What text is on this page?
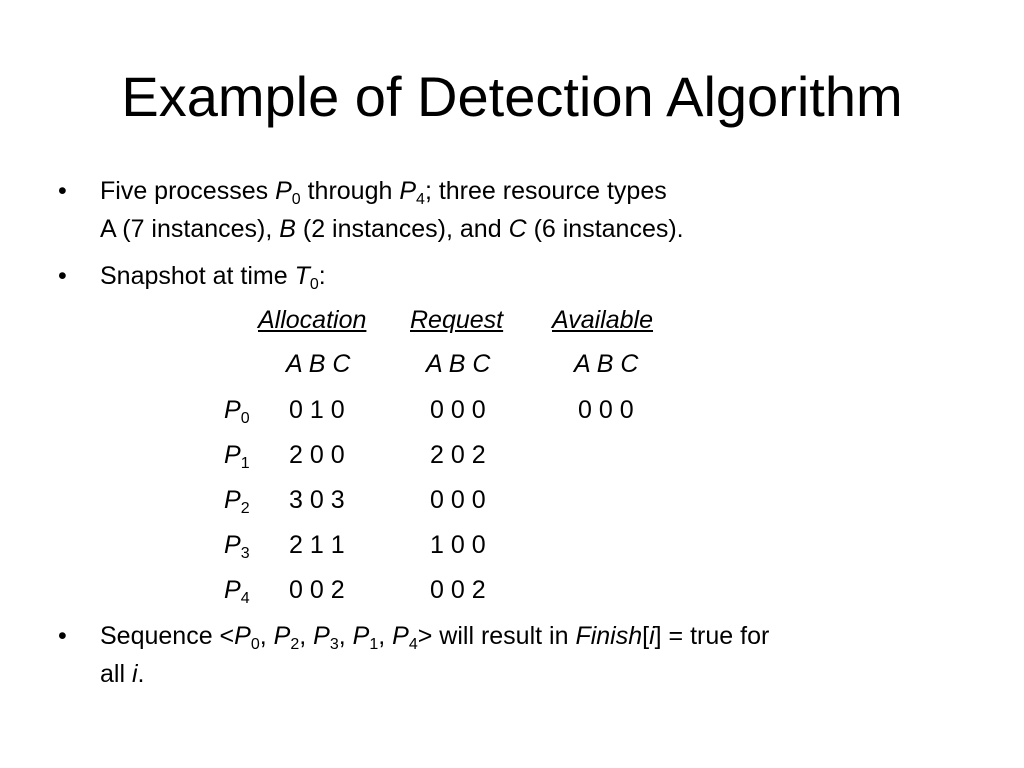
Example of Detection Algorithm
•	Five processes $P_0$ through $P_4$; three resource types
A (7 instances), B (2 instances), and C (6 instances).
•	Snapshot at time $T_0$:
Allocation Request Available
A B C	A B C	A B C
$P_0$ 0 1 0	0 0 0	0 0 0
$P_1$ 2 0 0	2 0 2
$P_2$ 3 0 3	0 0 0
$P_3$ 2 1 1	1 0 0
$P_4$ 0 0 2	0 0 2
•	Sequence $<P_0$, $P_2$, $P_3$, $P_1$, $P_4>$ will result in Finish[i] = true for
all i.
